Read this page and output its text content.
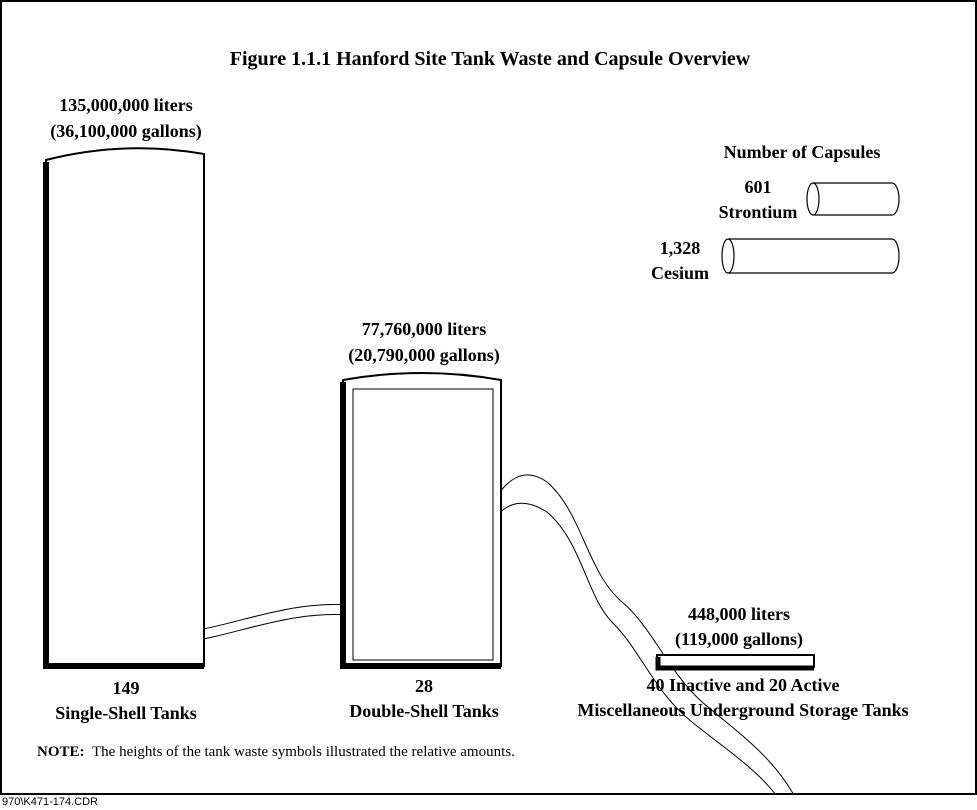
Figure 1.1.1 Hanford Site Tank Waste and Capsule Overview
135,000,000 liters
(36,100,000 gallons)
149
Single-Shell Tanks
77,760,000 liters
(20,790,000 gallons)
28
Double-Shell Tanks
448,000 liters
(119,000 gallons)
40 Inactive and 20 Active
Miscellaneous Underground Storage Tanks
Number of Capsules
601
Strontium
1,328
Cesium
NOTE: The heights of the tank waste symbols illustrated the relative amounts.
970\K471-174.CDR
